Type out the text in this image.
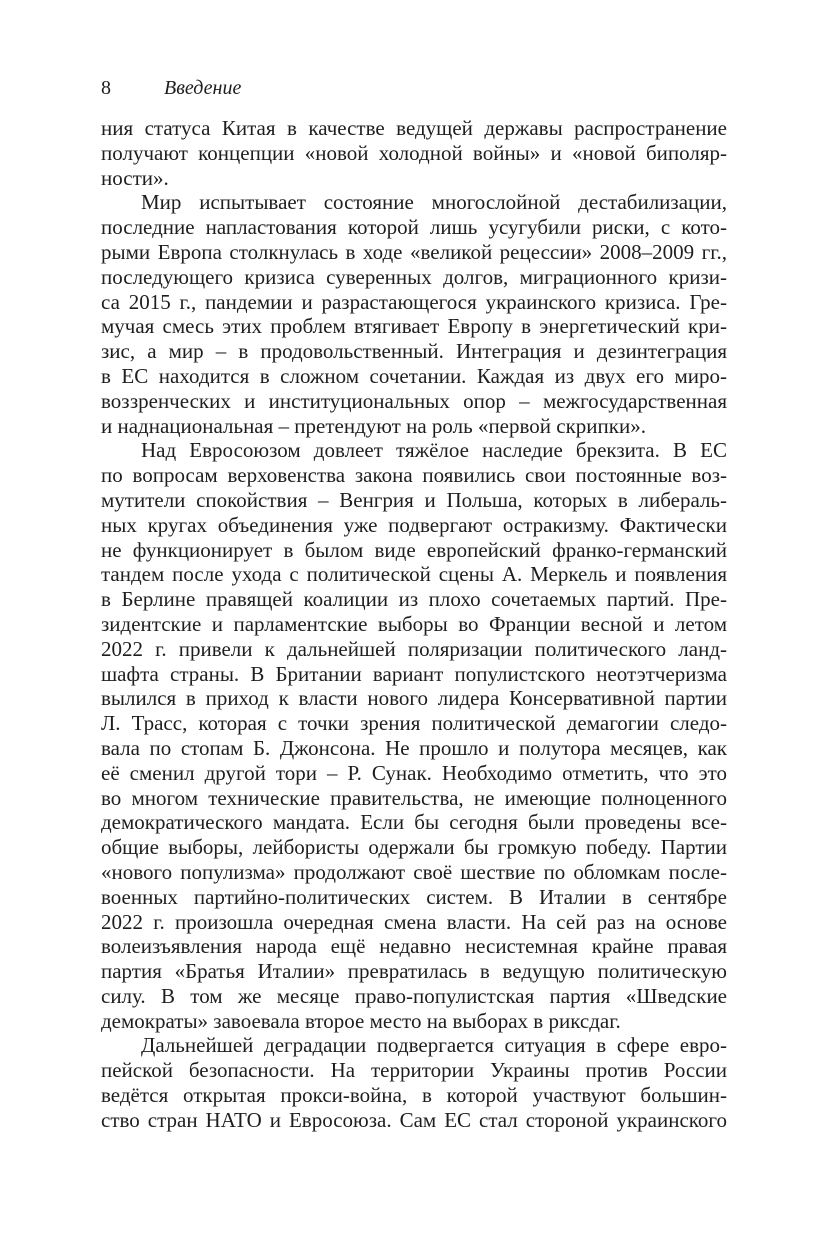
8	Введение
ния статуса Китая в качестве ведущей державы распространение
получают концепции «новой холодной войны» и «новой биполяр-
ности».
Мир испытывает состояние многослойной дестабилизации,
последние напластования которой лишь усугубили риски, с кото-
рыми Европа столкнулась в ходе «великой рецессии» 2008–2009 гг.,
последующего кризиса суверенных долгов, миграционного кризи-
са 2015 г., пандемии и разрастающегося украинского кризиса. Гре-
мучая смесь этих проблем втягивает Европу в энергетический кри-
зис, а мир – в продовольственный. Интеграция и дезинтеграция
в ЕС находится в сложном сочетании. Каждая из двух его миро-
воззренческих и институциональных опор – межгосударственная
и наднациональная – претендуют на роль «первой скрипки».
Над Евросоюзом довлеет тяжёлое наследие брекзита. В ЕС
по вопросам верховенства закона появились свои постоянные воз-
мутители спокойствия – Венгрия и Польша, которых в либераль-
ных кругах объединения уже подвергают остракизму. Фактически
не функционирует в былом виде европейский франко-германский
тандем после ухода с политической сцены А. Меркель и появления
в Берлине правящей коалиции из плохо сочетаемых партий. Пре-
зидентские и парламентские выборы во Франции весной и летом
2022 г. привели к дальнейшей поляризации политического ланд-
шафта страны. В Британии вариант популистского неотэтчеризма
вылился в приход к власти нового лидера Консервативной партии
Л. Трасс, которая с точки зрения политической демагогии следо-
вала по стопам Б. Джонсона. Не прошло и полутора месяцев, как
её сменил другой тори – Р. Сунак. Необходимо отметить, что это
во многом технические правительства, не имеющие полноценного
демократического мандата. Если бы сегодня были проведены все-
общие выборы, лейбористы одержали бы громкую победу. Партии
«нового популизма» продолжают своё шествие по обломкам после-
военных партийно-политических систем. В Италии в сентябре
2022 г. произошла очередная смена власти. На сей раз на основе
волеизъявления народа ещё недавно несистемная крайне правая
партия «Братья Италии» превратилась в ведущую политическую
силу. В том же месяце право-популистская партия «Шведские
демократы» завоевала второе место на выборах в риксдаг.
Дальнейшей деградации подвергается ситуация в сфере евро-
пейской безопасности. На территории Украины против России
ведётся открытая прокси-война, в которой участвуют большин-
ство стран НАТО и Евросоюза. Сам ЕС стал стороной украинского
